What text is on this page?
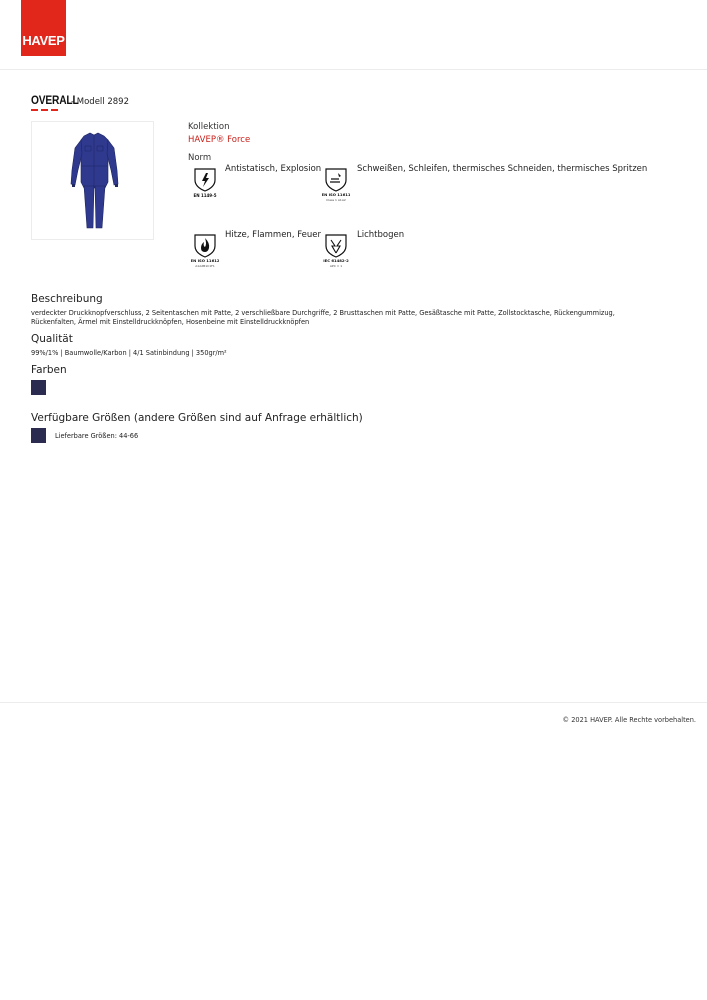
HAVEP
OVERALL
- Modell 2892
Kollektion
HAVEP® Force
Norm
EN 1149-5
Antistatisch, Explosion
EN ISO 11611
Class 1 A1A2
Schweißen, Schleifen, thermisches Schneiden, thermisches Spritzen
EN ISO 11612
A1A2B1C1F1
Hitze, Flammen, Feuer
IEC 61482-2
APC = 1
Lichtbogen
Beschreibung
verdeckter Druckknopfverschluss, 2 Seitentaschen mit Patte, 2 verschließbare Durchgriffe, 2 Brusttaschen mit Patte, Gesäßtasche mit Patte, Zollstocktasche, Rückengummizug,
Rückenfalten, Ärmel mit Einstelldruckknöpfen, Hosenbeine mit Einstelldruckknöpfen
Qualität
99%/1% | Baumwolle/Karbon | 4/1 Satinbindung | 350gr/m²
Farben
Verfügbare Größen (andere Größen sind auf Anfrage erhältlich)
Lieferbare Größen: 44-66
© 2021 HAVEP. Alle Rechte vorbehalten.
